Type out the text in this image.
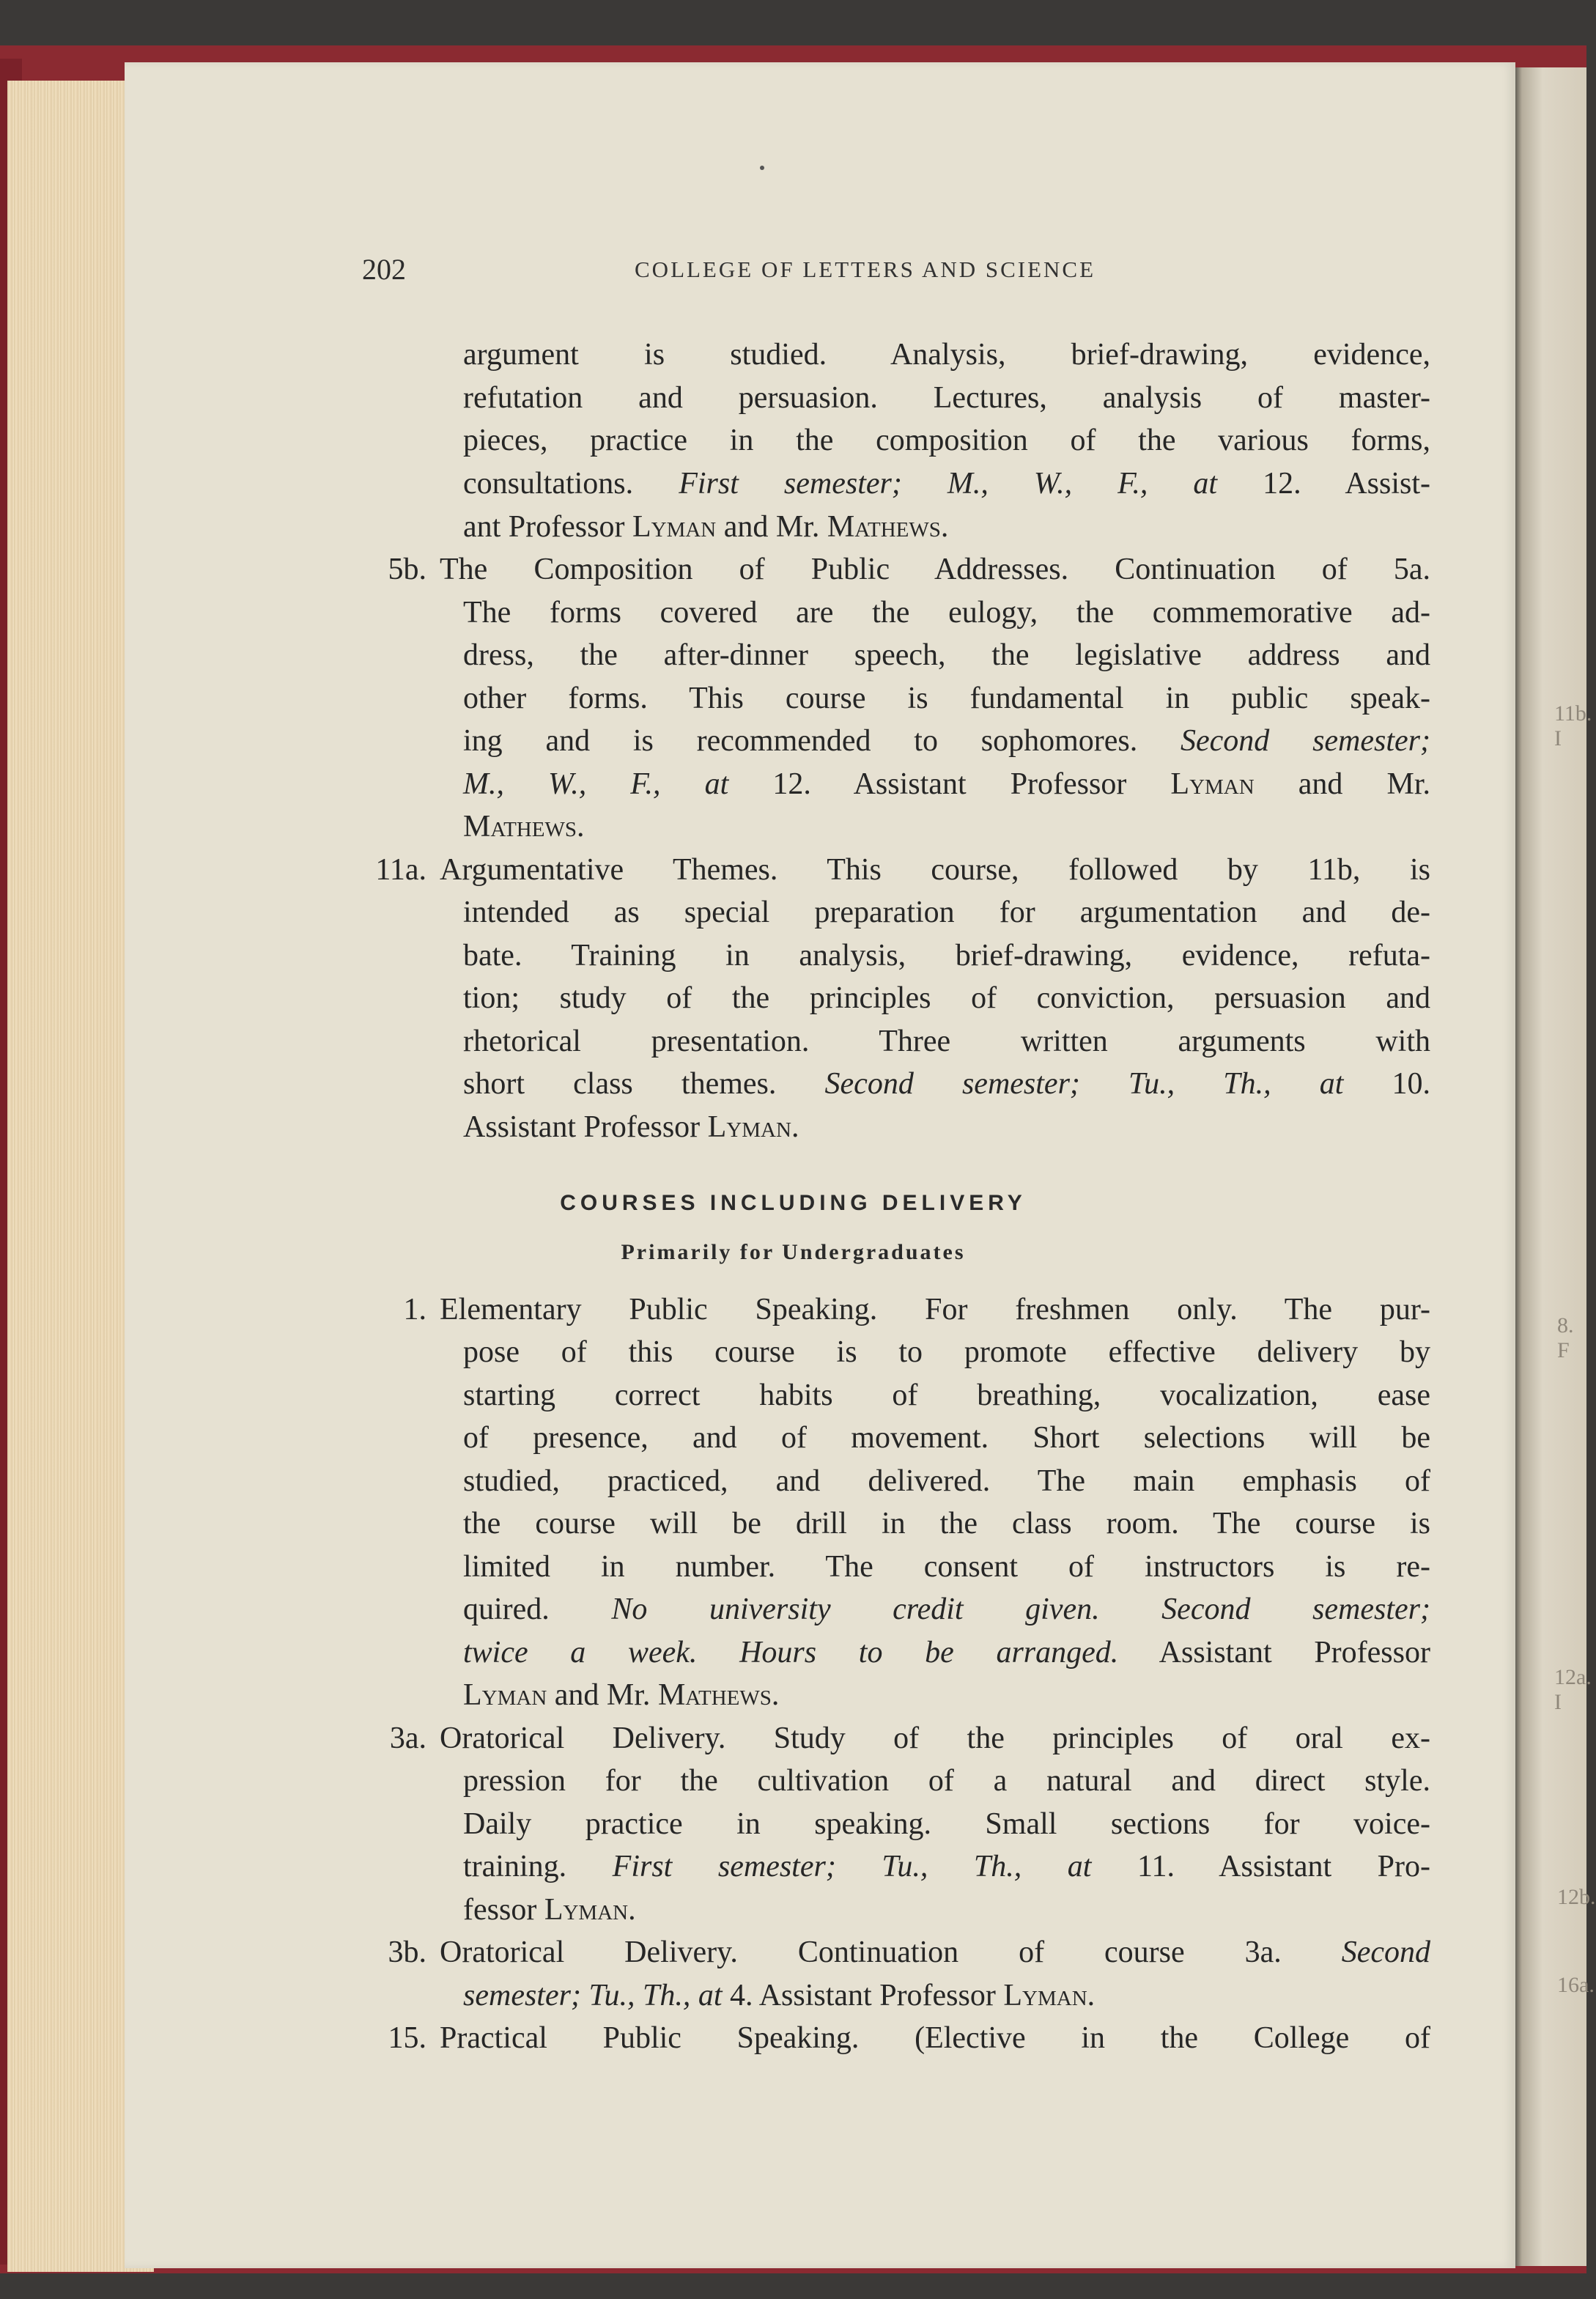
11b. I
8. F
12a. I
12b.
16a.
202	COLLEGE OF LETTERS AND SCIENCE
argument is studied. Analysis, brief-drawing, evidence,
refutation and persuasion. Lectures, analysis of master-
pieces, practice in the composition of the various forms,
consultations. First semester; M., W., F., at 12. Assist-
ant Professor Lyman and Mr. Mathews.
5b. The Composition of Public Addresses. Continuation of 5a.
The forms covered are the eulogy, the commemorative ad-
dress, the after-dinner speech, the legislative address and
other forms. This course is fundamental in public speak-
ing and is recommended to sophomores. Second semester;
M., W., F., at 12. Assistant Professor Lyman and Mr.
Mathews.
11a. Argumentative Themes. This course, followed by 11b, is
intended as special preparation for argumentation and de-
bate. Training in analysis, brief-drawing, evidence, refuta-
tion; study of the principles of conviction, persuasion and
rhetorical presentation. Three written arguments with
short class themes. Second semester; Tu., Th., at 10.
Assistant Professor Lyman.
COURSES INCLUDING DELIVERY
Primarily for Undergraduates
1. Elementary Public Speaking. For freshmen only. The pur-
pose of this course is to promote effective delivery by
starting correct habits of breathing, vocalization, ease
of presence, and of movement. Short selections will be
studied, practiced, and delivered. The main emphasis of
the course will be drill in the class room. The course is
limited in number. The consent of instructors is re-
quired. No university credit given. Second semester;
twice a week. Hours to be arranged. Assistant Professor
Lyman and Mr. Mathews.
3a. Oratorical Delivery. Study of the principles of oral ex-
pression for the cultivation of a natural and direct style.
Daily practice in speaking. Small sections for voice-
training. First semester; Tu., Th., at 11. Assistant Pro-
fessor Lyman.
3b. Oratorical Delivery. Continuation of course 3a. Second
semester; Tu., Th., at 4. Assistant Professor Lyman.
15. Practical Public Speaking. (Elective in the College of
